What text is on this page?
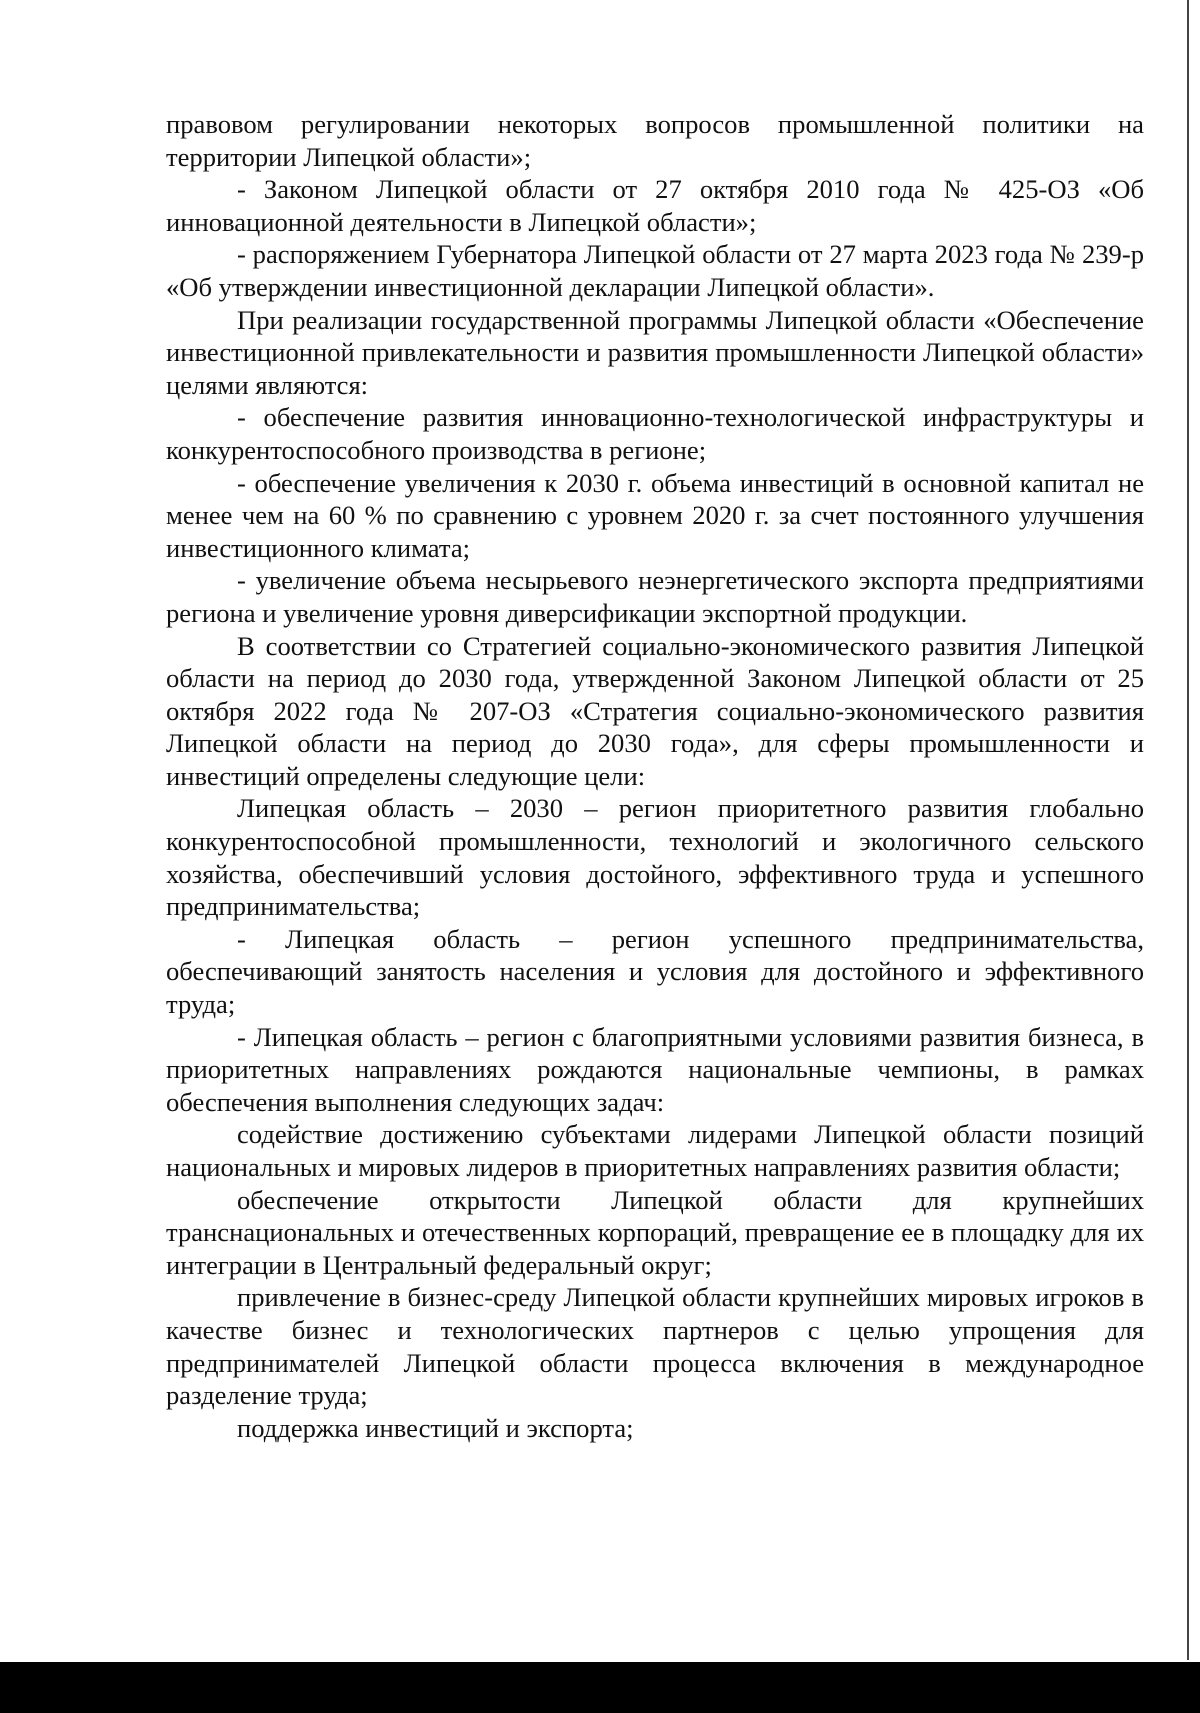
правовом регулировании некоторых вопросов промышленной политики на территории Липецкой области»;

- Законом Липецкой области от 27 октября 2010 года № 425-ОЗ «Об инновационной деятельности в Липецкой области»;

- распоряжением Губернатора Липецкой области от 27 марта 2023 года № 239-р «Об утверждении инвестиционной декларации Липецкой области».

При реализации государственной программы Липецкой области «Обеспечение инвестиционной привлекательности и развития промышленности Липецкой области» целями являются:

- обеспечение развития инновационно-технологической инфраструктуры и конкурентоспособного производства в регионе;

- обеспечение увеличения к 2030 г. объема инвестиций в основной капитал не менее чем на 60 % по сравнению с уровнем 2020 г. за счет постоянного улучшения инвестиционного климата;

- увеличение объема несырьевого неэнергетического экспорта предприятиями региона и увеличение уровня диверсификации экспортной продукции.

В соответствии со Стратегией социально-экономического развития Липецкой области на период до 2030 года, утвержденной Законом Липецкой области от 25 октября 2022 года № 207-ОЗ «Стратегия социально-экономического развития Липецкой области на период до 2030 года», для сферы промышленности и инвестиций определены следующие цели:

Липецкая область – 2030 – регион приоритетного развития глобально конкурентоспособной промышленности, технологий и экологичного сельского хозяйства, обеспечивший условия достойного, эффективного труда и успешного предпринимательства;

- Липецкая область – регион успешного предпринимательства, обеспечивающий занятость населения и условия для достойного и эффективного труда;

- Липецкая область – регион с благоприятными условиями развития бизнеса, в приоритетных направлениях рождаются национальные чемпионы, в рамках обеспечения выполнения следующих задач:

содействие достижению субъектами лидерами Липецкой области позиций национальных и мировых лидеров в приоритетных направлениях развития области;

обеспечение открытости Липецкой области для крупнейших транснациональных и отечественных корпораций, превращение ее в площадку для их интеграции в Центральный федеральный округ;

привлечение в бизнес-среду Липецкой области крупнейших мировых игроков в качестве бизнес и технологических партнеров с целью упрощения для предпринимателей Липецкой области процесса включения в международное разделение труда;

поддержка инвестиций и экспорта;
